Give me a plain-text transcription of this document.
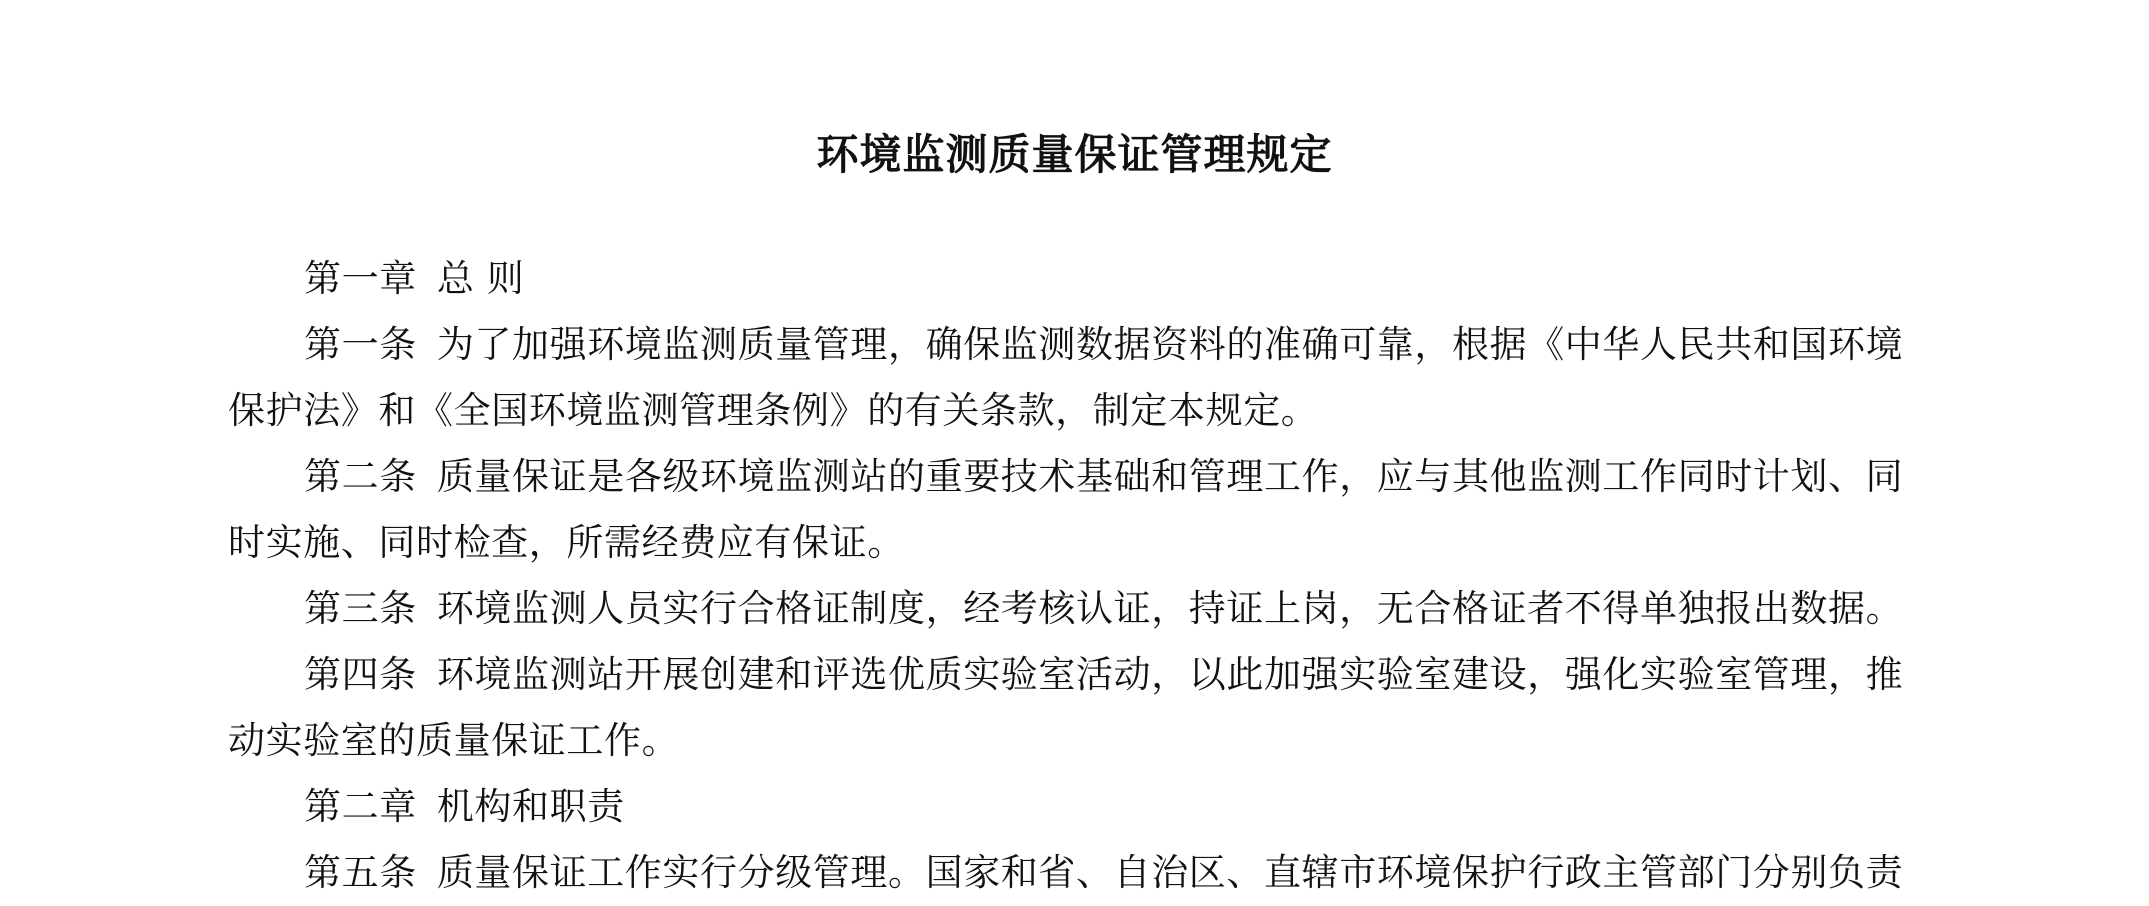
环境监测质量保证管理规定
第一章 总 则
第一条 为了加强环境监测质量管理，确保监测数据资料的准确可靠，根据《中华人民共和国环境
保护法》和《全国环境监测管理条例》的有关条款，制定本规定。
第二条 质量保证是各级环境监测站的重要技术基础和管理工作，应与其他监测工作同时计划、同
时实施、同时检查，所需经费应有保证。
第三条 环境监测人员实行合格证制度，经考核认证，持证上岗，无合格证者不得单独报出数据。
第四条 环境监测站开展创建和评选优质实验室活动，以此加强实验室建设，强化实验室管理，推
动实验室的质量保证工作。
第二章 机构和职责
第五条 质量保证工作实行分级管理。国家和省、自治区、直辖市环境保护行政主管部门分别负责
